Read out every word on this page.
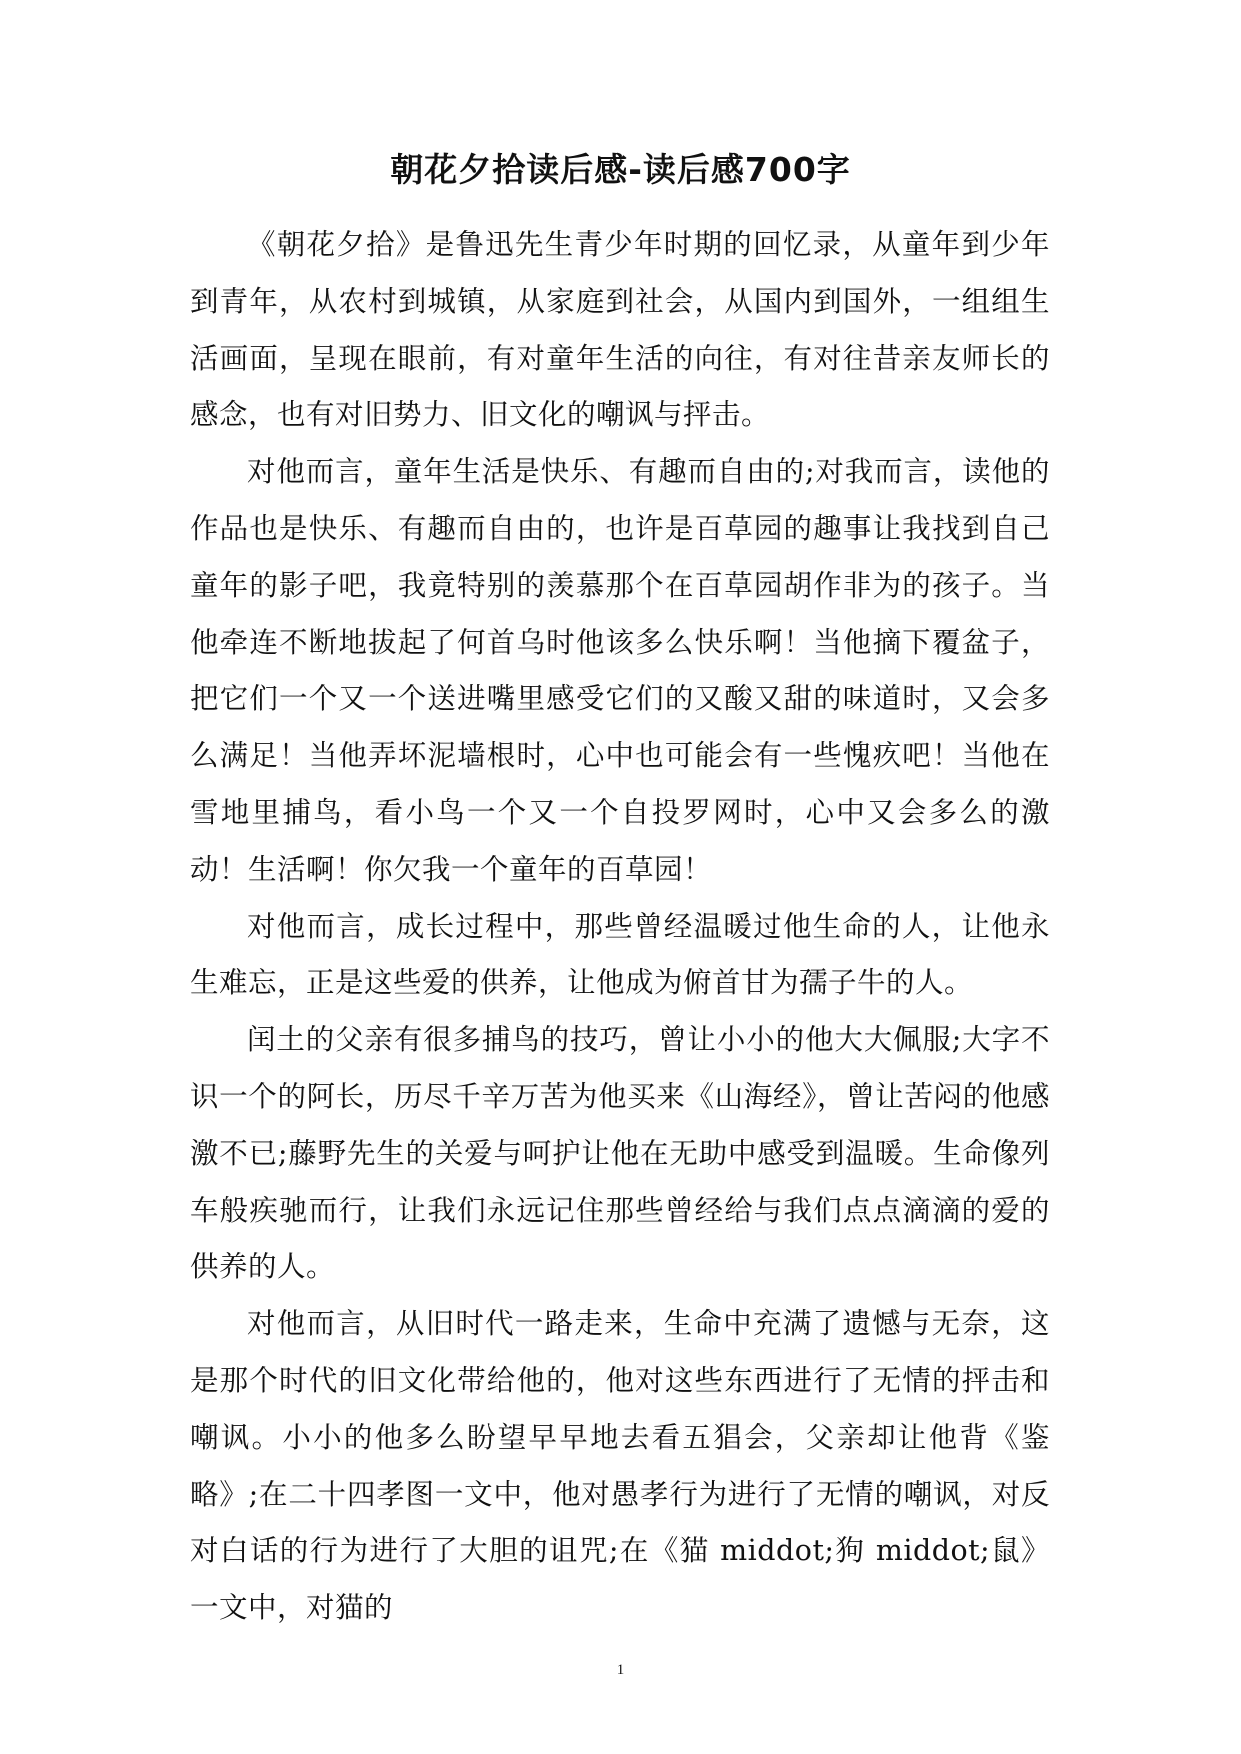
朝花夕拾读后感-读后感700字

《朝花夕拾》是鲁迅先生青少年时期的回忆录，从童年到少年到青年，从农村到城镇，从家庭到社会，从国内到国外，一组组生活画面，呈现在眼前，有对童年生活的向往，有对往昔亲友师长的感念，也有对旧势力、旧文化的嘲讽与抨击。

对他而言，童年生活是快乐、有趣而自由的;对我而言，读他的作品也是快乐、有趣而自由的，也许是百草园的趣事让我找到自己童年的影子吧，我竟特别的羡慕那个在百草园胡作非为的孩子。当他牵连不断地拔起了何首乌时他该多么快乐啊！当他摘下覆盆子，把它们一个又一个送进嘴里感受它们的又酸又甜的味道时，又会多么满足！当他弄坏泥墙根时，心中也可能会有一些愧疚吧！当他在雪地里捕鸟，看小鸟一个又一个自投罗网时，心中又会多么的激动！生活啊！你欠我一个童年的百草园！

对他而言，成长过程中，那些曾经温暖过他生命的人，让他永生难忘，正是这些爱的供养，让他成为俯首甘为孺子牛的人。

闰土的父亲有很多捕鸟的技巧，曾让小小的他大大佩服;大字不识一个的阿长，历尽千辛万苦为他买来《山海经》，曾让苦闷的他感激不已;藤野先生的关爱与呵护让他在无助中感受到温暖。生命像列车般疾驰而行，让我们永远记住那些曾经给与我们点点滴滴的爱的供养的人。

对他而言，从旧时代一路走来，生命中充满了遗憾与无奈，这是那个时代的旧文化带给他的，他对这些东西进行了无情的抨击和嘲讽。小小的他多么盼望早早地去看五猖会，父亲却让他背《鉴略》;在二十四孝图一文中，他对愚孝行为进行了无情的嘲讽，对反对白话的行为进行了大胆的诅咒;在《猫 middot;狗 middot;鼠》一文中，对猫的

1
